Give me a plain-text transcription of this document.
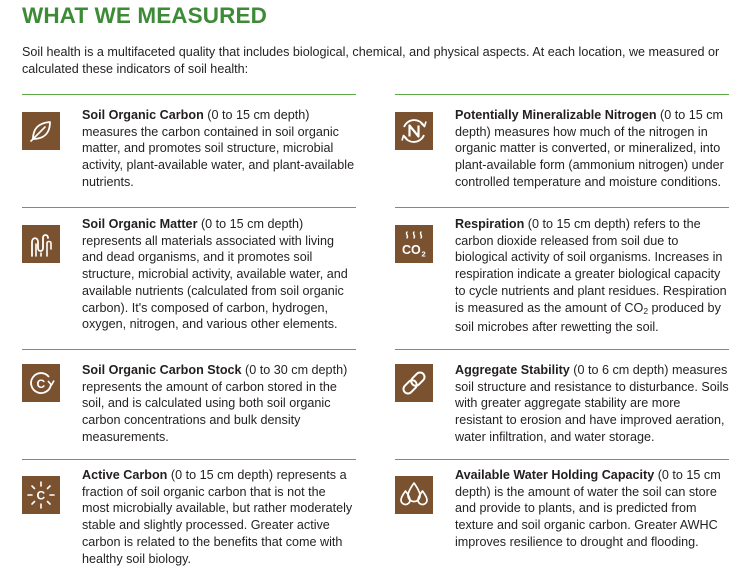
WHAT WE MEASURED
Soil health is a multifaceted quality that includes biological, chemical, and physical aspects. At each location, we measured or calculated these indicators of soil health:
Soil Organic Carbon (0 to 15 cm depth) measures the carbon contained in soil organic matter, and promotes soil structure, microbial activity, plant-available water, and plant-available nutrients.
Potentially Mineralizable Nitrogen (0 to 15 cm depth) measures how much of the nitrogen in organic matter is converted, or mineralized, into plant-available form (ammonium nitrogen) under controlled temperature and moisture conditions.
Soil Organic Matter (0 to 15 cm depth) represents all materials associated with living and dead organisms, and it promotes soil structure, microbial activity, available water, and available nutrients (calculated from soil organic carbon). It's composed of carbon, hydrogen, oxygen, nitrogen, and various other elements.
CO 2
Respiration (0 to 15 cm depth) refers to the carbon dioxide released from soil due to biological activity of soil organisms. Increases in respiration indicate a greater biological capacity to cycle nutrients and plant residues. Respiration is measured as the amount of $CO_2$ produced by soil microbes after rewetting the soil.
C
Soil Organic Carbon Stock (0 to 30 cm depth) represents the amount of carbon stored in the soil, and is calculated using both soil organic carbon concentrations and bulk density measurements.
Aggregate Stability (0 to 6 cm depth) measures soil structure and resistance to disturbance. Soils with greater aggregate stability are more resistant to erosion and have improved aeration, water infiltration, and water storage.
C
Active Carbon (0 to 15 cm depth) represents a fraction of soil organic carbon that is not the most microbially available, but rather moderately stable and slightly processed. Greater active carbon is related to the benefits that come with healthy soil biology.
Available Water Holding Capacity (0 to 15 cm depth) is the amount of water the soil can store and provide to plants, and is predicted from texture and soil organic carbon. Greater AWHC improves resilience to drought and flooding.
